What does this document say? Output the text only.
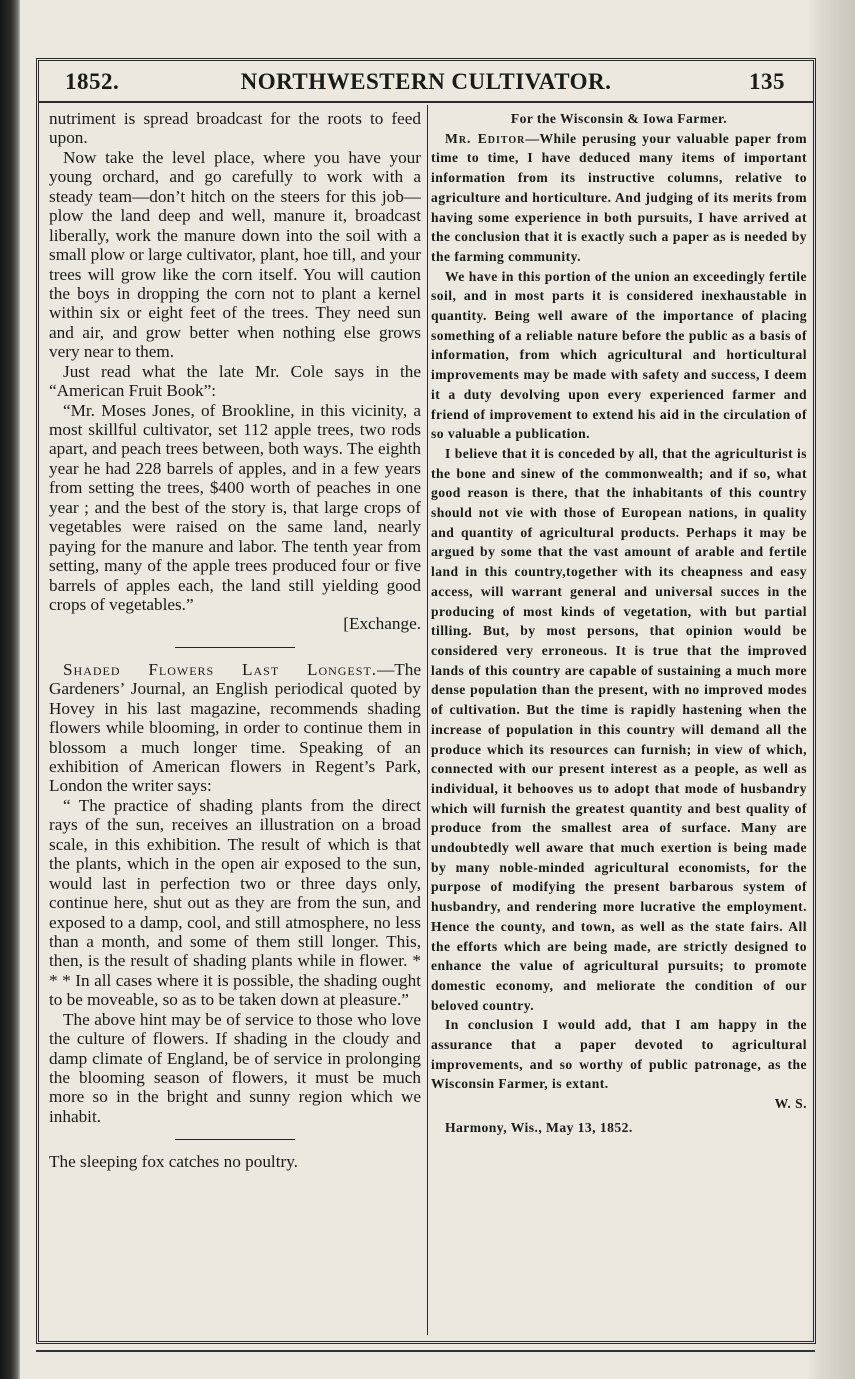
1852.	NORTHWESTERN CULTIVATOR.	135

nutriment is spread broadcast for the roots to feed upon.

Now take the level place, where you have your young orchard, and go carefully to work with a steady team—don’t hitch on the steers for this job—plow the land deep and well, manure it, broadcast liberally, work the manure down into the soil with a small plow or large cultivator, plant, hoe till, and your trees will grow like the corn itself. You will caution the boys in dropping the corn not to plant a kernel within six or eight feet of the trees. They need sun and air, and grow better when nothing else grows very near to them.

Just read what the late Mr. Cole says in the “American Fruit Book”:

“Mr. Moses Jones, of Brookline, in this vicinity, a most skillful cultivator, set 112 apple trees, two rods apart, and peach trees between, both ways. The eighth year he had 228 barrels of apples, and in a few years from setting the trees, $400 worth of peaches in one year ; and the best of the story is, that large crops of vegetables were raised on the same land, nearly paying for the manure and labor. The tenth year from setting, many of the apple trees produced four or five barrels of apples each, the land still yielding good crops of vegetables.”

[Exchange.

Shaded Flowers Last Longest.—The Gardeners’ Journal, an English periodical quoted by Hovey in his last magazine, recommends shading flowers while blooming, in order to continue them in blossom a much longer time. Speaking of an exhibition of American flowers in Regent’s Park, London the writer says:

“ The practice of shading plants from the direct rays of the sun, receives an illustration on a broad scale, in this exhibition. The result of which is that the plants, which in the open air exposed to the sun, would last in perfection two or three days only, continue here, shut out as they are from the sun, and exposed to a damp, cool, and still atmosphere, no less than a month, and some of them still longer. This, then, is the result of shading plants while in flower. * * * In all cases where it is possible, the shading ought to be moveable, so as to be taken down at pleasure.”

The above hint may be of service to those who love the culture of flowers. If shading in the cloudy and damp climate of England, be of service in prolonging the blooming season of flowers, it must be much more so in the bright and sunny region which we inhabit.

The sleeping fox catches no poultry.

For the Wisconsin & Iowa Farmer.

Mr. Editor—While perusing your valuable paper from time to time, I have deduced many items of important information from its instructive columns, relative to agriculture and horticulture. And judging of its merits from having some experience in both pursuits, I have arrived at the conclusion that it is exactly such a paper as is needed by the farming community.

We have in this portion of the union an exceedingly fertile soil, and in most parts it is considered inexhaustable in quantity. Being well aware of the importance of placing something of a reliable nature before the public as a basis of information, from which agricultural and horticultural improvements may be made with safety and success, I deem it a duty devolving upon every experienced farmer and friend of improvement to extend his aid in the circulation of so valuable a publication.

I believe that it is conceded by all, that the agriculturist is the bone and sinew of the commonwealth; and if so, what good reason is there, that the inhabitants of this country should not vie with those of European nations, in quality and quantity of agricultural products. Perhaps it may be argued by some that the vast amount of arable and fertile land in this country,together with its cheapness and easy access, will warrant general and universal succes in the producing of most kinds of vegetation, with but partial tilling. But, by most persons, that opinion would be considered very erroneous. It is true that the improved lands of this country are capable of sustaining a much more dense population than the present, with no improved modes of cultivation. But the time is rapidly hastening when the increase of population in this country will demand all the produce which its resources can furnish; in view of which, connected with our present interest as a people, as well as individual, it behooves us to adopt that mode of husbandry which will furnish the greatest quantity and best quality of produce from the smallest area of surface. Many are undoubtedly well aware that much exertion is being made by many noble-minded agricultural economists, for the purpose of modifying the present barbarous system of husbandry, and rendering more lucrative the employment. Hence the county, and town, as well as the state fairs. All the efforts which are being made, are strictly designed to enhance the value of agricultural pursuits; to promote domestic economy, and meliorate the condition of our beloved country.

In conclusion I would add, that I am happy in the assurance that a paper devoted to agricultural improvements, and so worthy of public patronage, as the Wisconsin Farmer, is extant.

W. S.

Harmony, Wis., May 13, 1852.
